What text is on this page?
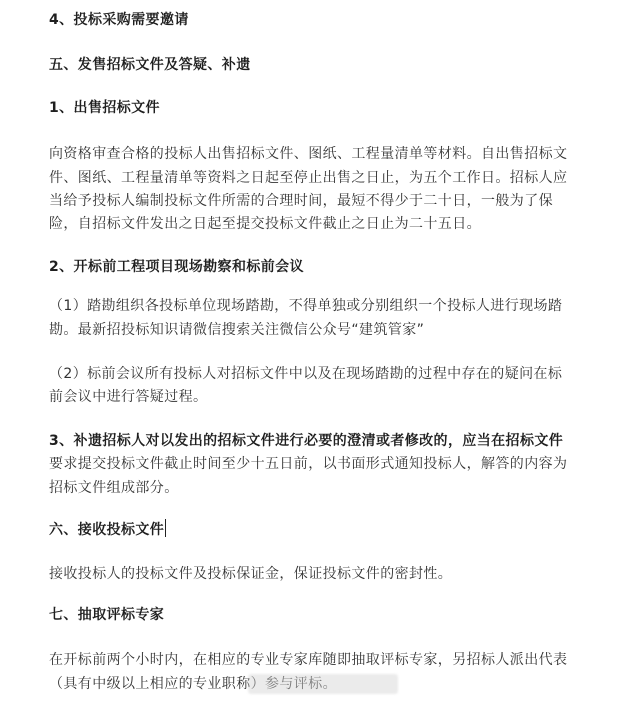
4、投标采购需要邀请
五、发售招标文件及答疑、补遗
1、出售招标文件
向资格审查合格的投标人出售招标文件、图纸、工程量清单等材料。自出售招标文
件、图纸、工程量清单等资料之日起至停止出售之日止，为五个工作日。招标人应
当给予投标人编制投标文件所需的合理时间，最短不得少于二十日，一般为了保
险，自招标文件发出之日起至提交投标文件截止之日止为二十五日。
2、开标前工程项目现场勘察和标前会议
（1）踏勘组织各投标单位现场踏勘，不得单独或分别组织一个投标人进行现场踏
勘。最新招投标知识请微信搜索关注微信公众号“建筑管家”
（2）标前会议所有投标人对招标文件中以及在现场踏勘的过程中存在的疑问在标
前会议中进行答疑过程。
3、补遗招标人对以发出的招标文件进行必要的澄清或者修改的，应当在招标文件
要求提交投标文件截止时间至少十五日前，以书面形式通知投标人，解答的内容为
招标文件组成部分。
六、接收投标文件
接收投标人的投标文件及投标保证金，保证投标文件的密封性。
七、抽取评标专家
在开标前两个小时内，在相应的专业专家库随即抽取评标专家，另招标人派出代表
（具有中级以上相应的专业职称）参与评标。
